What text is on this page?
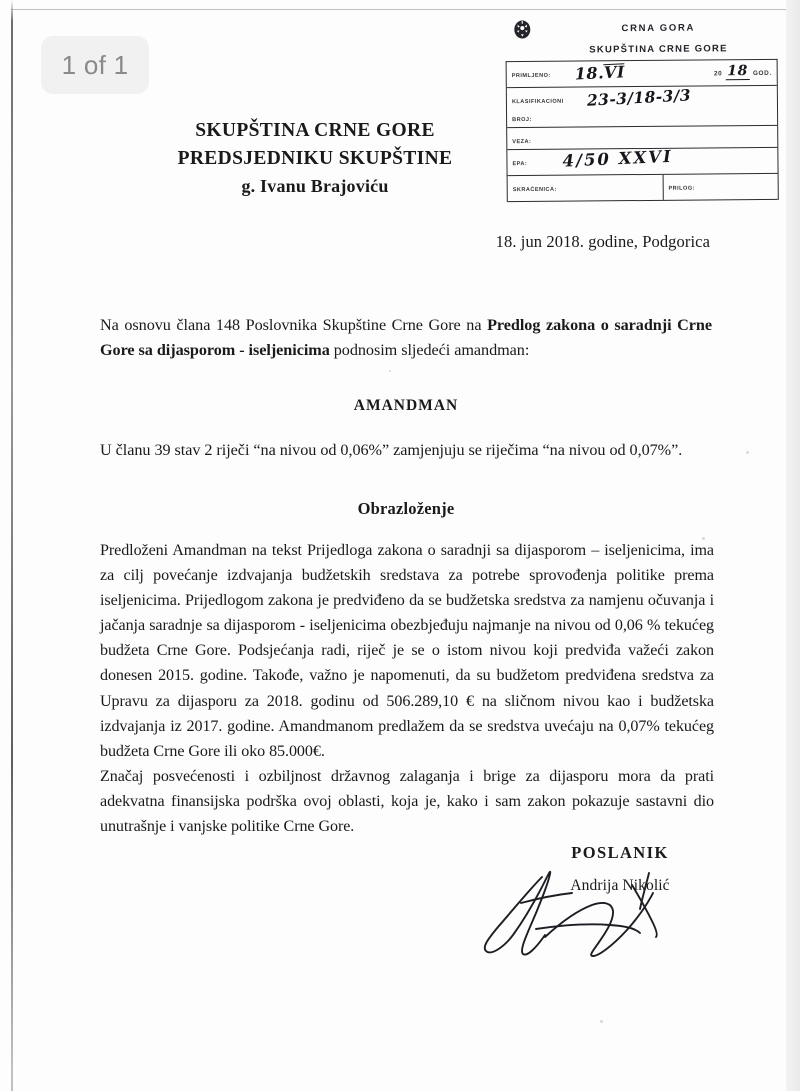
1 of 1
CRNA GORA
SKUPŠTINA CRNE GORE
PRIMLJENO: 18.VI	20 18 GOD.
KLASIFIKACIONI
BROJ:
23-3/18-3/3
VEZA:
EPA: 4/50 XXVI
SKRAĆENICA:	PRILOG:
SKUPŠTINA CRNE GORE
PREDSJEDNIKU SKUPŠTINE
g. Ivanu Brajoviću
18. jun 2018. godine, Podgorica
Na osnovu člana 148 Poslovnika Skupštine Crne Gore na Predlog zakona o saradnji Crne Gore sa dijasporom - iseljenicima podnosim sljedeći amandman:
AMANDMAN
U članu 39 stav 2 riječi “na nivou od 0,06%” zamjenjuju se riječima “na nivou od 0,07%”.
Obrazloženje

Predloženi Amandman na tekst Prijedloga zakona o saradnji sa dijasporom – iseljenicima, ima za cilj povećanje izdvajanja budžetskih sredstava za potrebe sprovođenja politike prema iseljenicima. Prijedlogom zakona je predviđeno da se budžetska sredstva za namjenu očuvanja i jačanja saradnje sa dijasporom - iseljenicima obezbjeđuju najmanje na nivou od 0,06 % tekućeg budžeta Crne Gore. Podsjećanja radi, riječ je se o istom nivou koji predviđa važeći zakon donesen 2015. godine. Takođe, važno je napomenuti, da su budžetom predviđena sredstva za Upravu za dijasporu za 2018. godinu od 506.289,10 € na sličnom nivou kao i budžetska izdvajanja iz 2017. godine. Amandmanom predlažem da se sredstva uvećaju na 0,07% tekućeg budžeta Crne Gore ili oko 85.000€.

Značaj posvećenosti i ozbiljnost državnog zalaganja i brige za dijasporu mora da prati adekvatna finansijska podrška ovoj oblasti, koja je, kako i sam zakon pokazuje sastavni dio unutrašnje i vanjske politike Crne Gore.

POSLANIK
Andrija Nikolić
